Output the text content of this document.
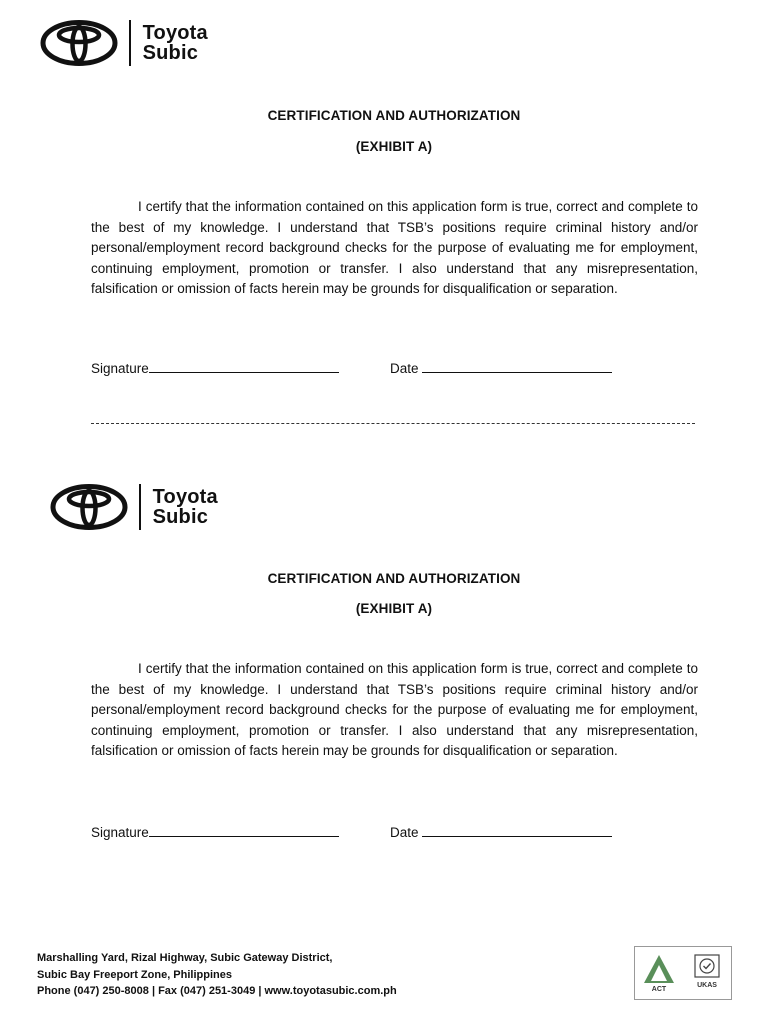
Toyota
Subic
CERTIFICATION AND AUTHORIZATION
(EXHIBIT A)
I certify that the information contained on this application form is true, correct and complete to the best of my knowledge. I understand that TSB’s positions require criminal history and/or personal/employment record background checks for the purpose of evaluating me for employment, continuing employment, promotion or transfer. I also understand that any misrepresentation, falsification or omission of facts herein may be grounds for disqualification or separation.
Signature	Date
Toyota
Subic
CERTIFICATION AND AUTHORIZATION
(EXHIBIT A)
I certify that the information contained on this application form is true, correct and complete to the best of my knowledge. I understand that TSB’s positions require criminal history and/or personal/employment record background checks for the purpose of evaluating me for employment, continuing employment, promotion or transfer. I also understand that any misrepresentation, falsification or omission of facts herein may be grounds for disqualification or separation.
Signature	Date
Marshalling Yard, Rizal Highway, Subic Gateway District,
Subic Bay Freeport Zone, Philippines
Phone (047) 250-8008 | Fax (047) 251-3049 | www.toyotasubic.com.ph	ACT
UKAS
